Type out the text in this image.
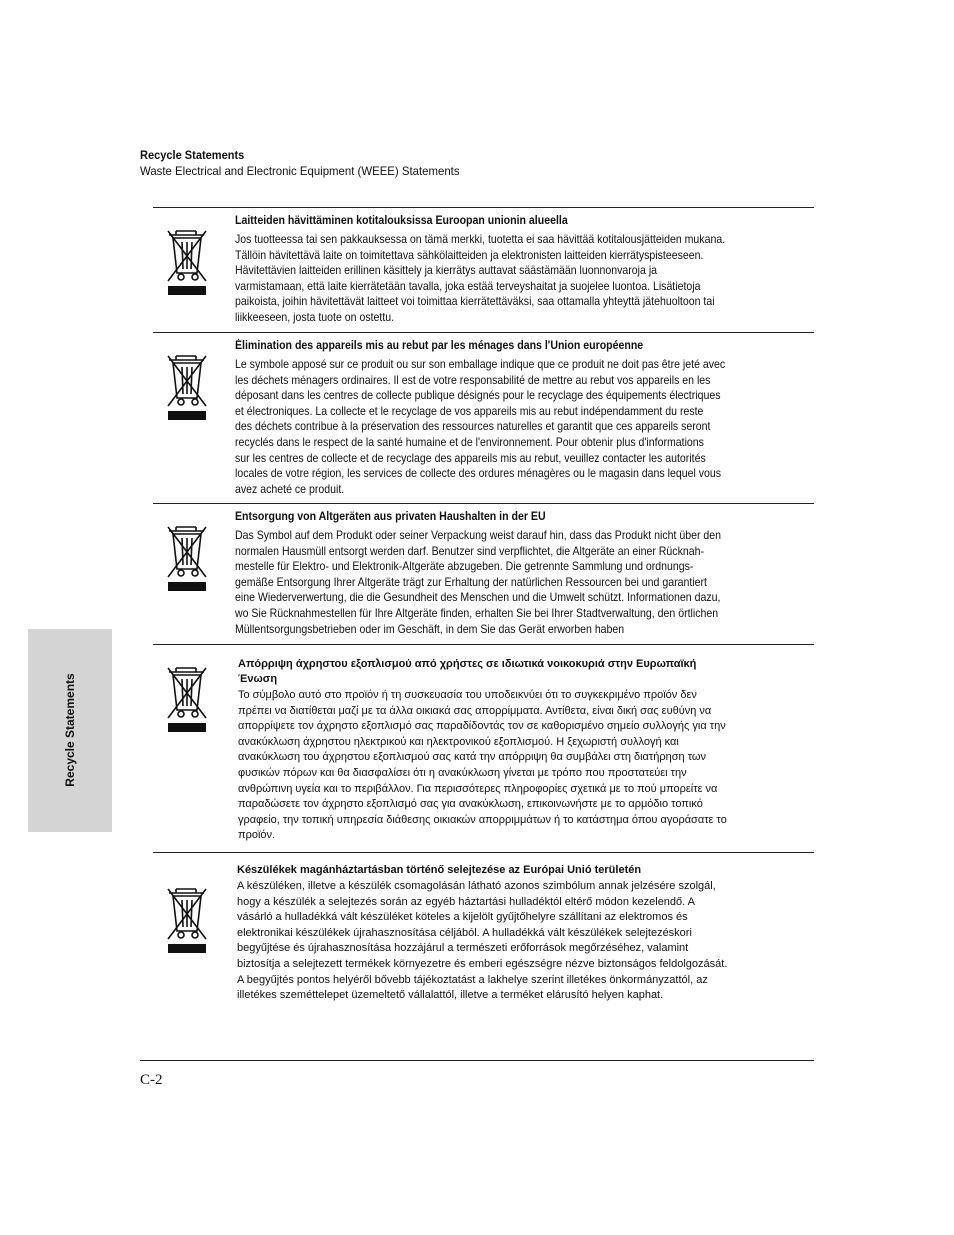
Recycle Statements
Waste Electrical and Electronic Equipment (WEEE) Statements
Recycle Statements
Laitteiden hävittäminen kotitalouksissa Euroopan unionin alueella
Jos tuotteessa tai sen pakkauksessa on tämä merkki, tuotetta ei saa hävittää kotitalousjätteiden mukana.
Tällöin hävitettävä laite on toimitettava sähkölaitteiden ja elektronisten laitteiden kierrätyspisteeseen.
Hävitettävien laitteiden erillinen käsittely ja kierrätys auttavat säästämään luonnonvaroja ja
varmistamaan, että laite kierrätetään tavalla, joka estää terveyshaitat ja suojelee luontoa. Lisätietoja
paikoista, joihin hävitettävät laitteet voi toimittaa kierrätettäväksi, saa ottamalla yhteyttä jätehuoltoon tai
liikkeeseen, josta tuote on ostettu.
Élimination des appareils mis au rebut par les ménages dans l'Union européenne
Le symbole apposé sur ce produit ou sur son emballage indique que ce produit ne doit pas être jeté avec
les déchets ménagers ordinaires. Il est de votre responsabilité de mettre au rebut vos appareils en les
déposant dans les centres de collecte publique désignés pour le recyclage des équipements électriques
et électroniques. La collecte et le recyclage de vos appareils mis au rebut indépendamment du reste
des déchets contribue à la préservation des ressources naturelles et garantit que ces appareils seront
recyclés dans le respect de la santé humaine et de l'environnement. Pour obtenir plus d'informations
sur les centres de collecte et de recyclage des appareils mis au rebut, veuillez contacter les autorités
locales de votre région, les services de collecte des ordures ménagères ou le magasin dans lequel vous
avez acheté ce produit.
Entsorgung von Altgeräten aus privaten Haushalten in der EU
Das Symbol auf dem Produkt oder seiner Verpackung weist darauf hin, dass das Produkt nicht über den
normalen Hausmüll entsorgt werden darf. Benutzer sind verpflichtet, die Altgeräte an einer Rücknah-
mestelle für Elektro- und Elektronik-Altgeräte abzugeben. Die getrennte Sammlung und ordnungs-
gemäße Entsorgung Ihrer Altgeräte trägt zur Erhaltung der natürlichen Ressourcen bei und garantiert
eine Wiederverwertung, die die Gesundheit des Menschen und die Umwelt schützt. Informationen dazu,
wo Sie Rücknahmestellen für Ihre Altgeräte finden, erhalten Sie bei Ihrer Stadtverwaltung, den örtlichen
Müllentsorgungsbetrieben oder im Geschäft, in dem Sie das Gerät erworben haben
Απόρριψη άχρηστου εξοπλισμού από χρήστες σε ιδιωτικά νοικοκυριά στην Ευρωπαϊκή
Ένωση
Το σύμβολο αυτό στο προϊόν ή τη συσκευασία του υποδεικνύει ότι το συγκεκριμένο προϊόν δεν
πρέπει να διατίθεται μαζί με τα άλλα οικιακά σας απορρίμματα. Αντίθετα, είναι δική σας ευθύνη να
απορρίψετε τον άχρηστο εξοπλισμό σας παραδίδοντάς τον σε καθορισμένο σημείο συλλογής για την
ανακύκλωση άχρηστου ηλεκτρικού και ηλεκτρονικού εξοπλισμού. Η ξεχωριστή συλλογή και
ανακύκλωση του άχρηστου εξοπλισμού σας κατά την απόρριψη θα συμβάλει στη διατήρηση των
φυσικών πόρων και θα διασφαλίσει ότι η ανακύκλωση γίνεται με τρόπο που προστατεύει την
ανθρώπινη υγεία και το περιβάλλον. Για περισσότερες πληροφορίες σχετικά με το πού μπορείτε να
παραδώσετε τον άχρηστο εξοπλισμό σας για ανακύκλωση, επικοινωνήστε με το αρμόδιο τοπικό
γραφείο, την τοπική υπηρεσία διάθεσης οικιακών απορριμμάτων ή το κατάστημα όπου αγοράσατε το
προϊόν.
Készülékek magánháztartásban történő selejtezése az Európai Unió területén
A készüléken, illetve a készülék csomagolásán látható azonos szimbólum annak jelzésére szolgál,
hogy a készülék a selejtezés során az egyéb háztartási hulladéktól eltérő módon kezelendő. A
vásárló a hulladékká vált készüléket köteles a kijelölt gyűjtőhelyre szállítani az elektromos és
elektronikai készülékek újrahasznosítása céljából. A hulladékká vált készülékek selejtezéskori
begyűjtése és újrahasznosítása hozzájárul a természeti erőforrások megőrzéséhez, valamint
biztosítja a selejtezett termékek környezetre és emberi egészségre nézve biztonságos feldolgozását.
A begyűjtés pontos helyéről bővebb tájékoztatást a lakhelye szerint illetékes önkormányzattól, az
illetékes szeméttelepet üzemeltető vállalattól, illetve a terméket elárusító helyen kaphat.
C-2
